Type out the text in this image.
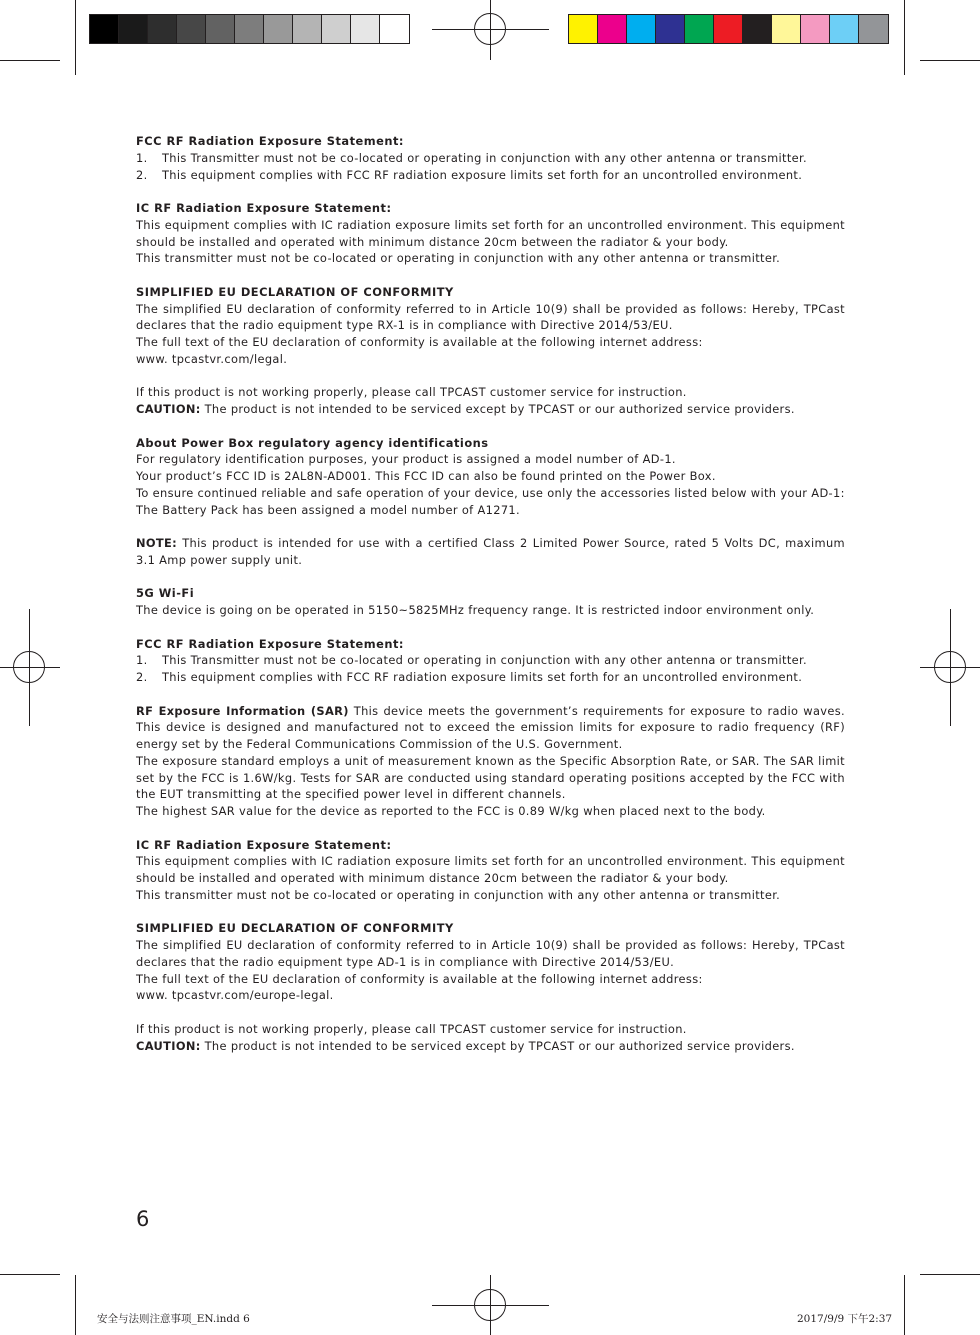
FCC RF Radiation Exposure Statement:
1.	This Transmitter must not be co-located or operating in conjunction with any other antenna or transmitter.
2.	This equipment complies with FCC RF radiation exposure limits set forth for an uncontrolled environment.
IC RF Radiation Exposure Statement:

This equipment complies with IC radiation exposure limits set forth for an uncontrolled environment. This equipment should be installed and operated with minimum distance 20cm between the radiator & your body.

This transmitter must not be co-located or operating in conjunction with any other antenna or transmitter.

SIMPLIFIED EU DECLARATION OF CONFORMITY

The simplified EU declaration of conformity referred to in Article 10(9) shall be provided as follows: Hereby, TPCast declares that the radio equipment type RX-1 is in compliance with Directive 2014/53/EU.

The full text of the EU declaration of conformity is available at the following internet address:

www. tpcastvr.com/legal.

If this product is not working properly, please call TPCAST customer service for instruction.

CAUTION: The product is not intended to be serviced except by TPCAST or our authorized service providers.

About Power Box regulatory agency identifications

For regulatory identification purposes, your product is assigned a model number of AD-1.

Your product’s FCC ID is 2AL8N-AD001. This FCC ID can also be found printed on the Power Box.

To ensure continued reliable and safe operation of your device, use only the accessories listed below with your AD-1:

The Battery Pack has been assigned a model number of A1271.

NOTE: This product is intended for use with a certified Class 2 Limited Power Source, rated 5 Volts DC, maximum 3.1 Amp power supply unit.

5G Wi-Fi

The device is going on be operated in 5150~5825MHz frequency range. It is restricted indoor environment only.

FCC RF Radiation Exposure Statement:
1.	This Transmitter must not be co-located or operating in conjunction with any other antenna or transmitter.
2.	This equipment complies with FCC RF radiation exposure limits set forth for an uncontrolled environment.

RF Exposure Information (SAR) This device meets the government’s requirements for exposure to radio waves. This device is designed and manufactured not to exceed the emission limits for exposure to radio frequency (RF) energy set by the Federal Communications Commission of the U.S. Government.

The exposure standard employs a unit of measurement known as the Specific Absorption Rate, or SAR. The SAR limit set by the FCC is 1.6W/kg. Tests for SAR are conducted using standard operating positions accepted by the FCC with the EUT transmitting at the specified power level in different channels.

The highest SAR value for the device as reported to the FCC is 0.89 W/kg when placed next to the body.

IC RF Radiation Exposure Statement:

This equipment complies with IC radiation exposure limits set forth for an uncontrolled environment. This equipment should be installed and operated with minimum distance 20cm between the radiator & your body.

This transmitter must not be co-located or operating in conjunction with any other antenna or transmitter.

SIMPLIFIED EU DECLARATION OF CONFORMITY

The simplified EU declaration of conformity referred to in Article 10(9) shall be provided as follows: Hereby, TPCast declares that the radio equipment type AD-1 is in compliance with Directive 2014/53/EU.

The full text of the EU declaration of conformity is available at the following internet address:

www. tpcastvr.com/europe-legal.

If this product is not working properly, please call TPCAST customer service for instruction.

CAUTION: The product is not intended to be serviced except by TPCAST or our authorized service providers.

6
安全与法则注意事项_EN.indd 6	2017/9/9 下午2:37
